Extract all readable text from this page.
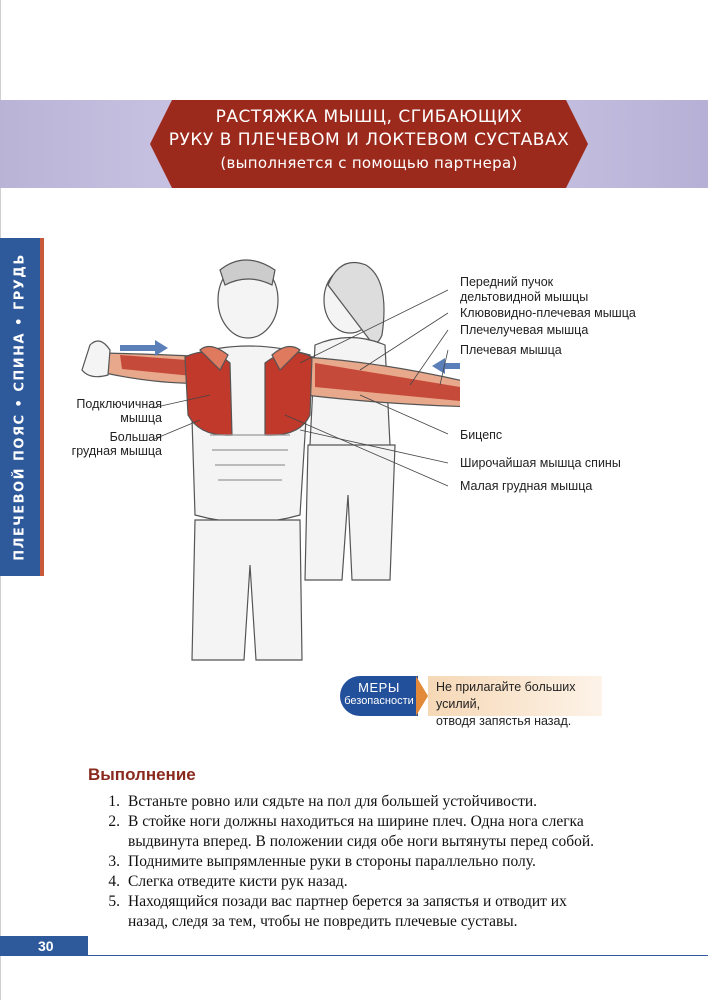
РАСТЯЖКА МЫШЦ, СГИБАЮЩИХ
РУКУ В ПЛЕЧЕВОМ И ЛОКТЕВОМ СУСТАВАХ
(выполняется с помощью партнера)
ПЛЕЧЕВОЙ ПОЯС • СПИНА • ГРУДЬ	Передний пучок
дельтовидной мышцы
Клювовидно-плечевая мышца
Плечелучевая мышца
Плечевая мышца
Бицепс
Широчайшая мышца спины
Малая грудная мышца
Подключичная
мышца
Большая
грудная мышца
МЕРЫ
безопасности
Не прилагайте больших усилий,
отводя запястья назад.
Выполнение
1. Встаньте ровно или сядьте на пол для большей устойчивости.
2. В стойке ноги должны находиться на ширине плеч. Одна нога слегка
выдвинута вперед. В положении сидя обе ноги вытянуты перед собой.
3. Поднимите выпрямленные руки в стороны параллельно полу.
4. Слегка отведите кисти рук назад.
5. Находящийся позади вас партнер берется за запястья и отводит их
назад, следя за тем, чтобы не повредить плечевые суставы.
30
